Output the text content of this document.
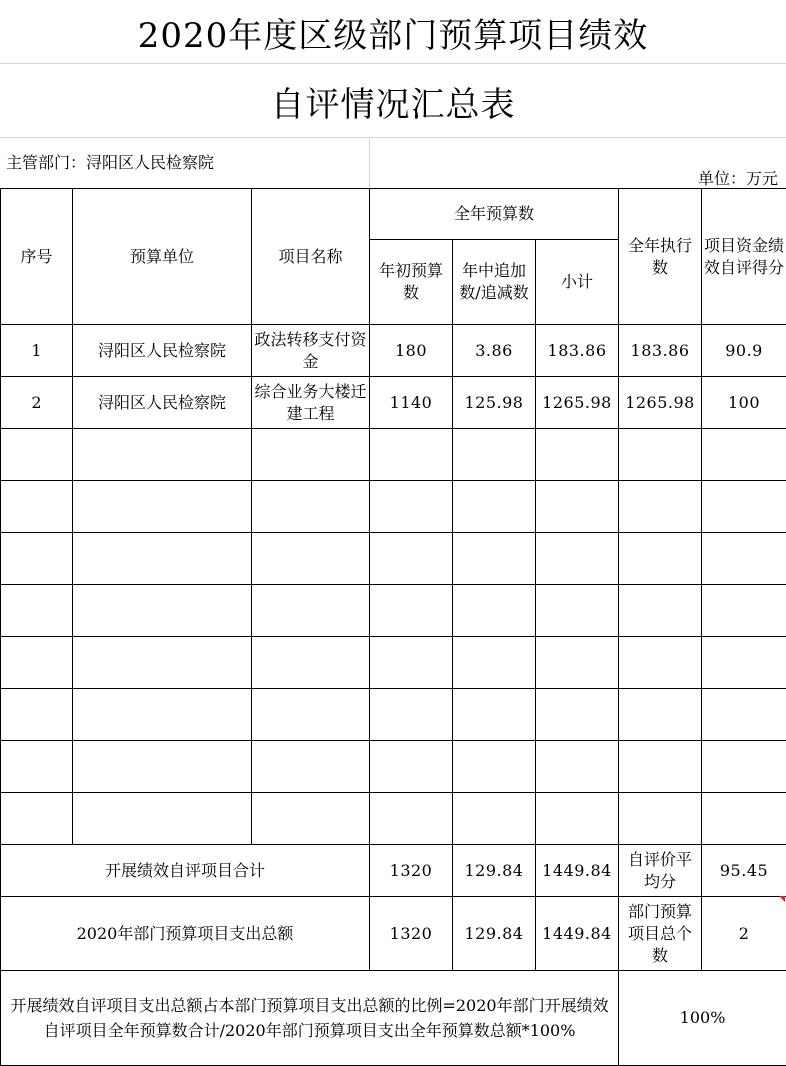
2020年度区级部门预算项目绩效
自评情况汇总表
主管部门：浔阳区人民检察院
单位：万元
序号	预算单位	项目名称	全年预算数			全年执行数	项目资金绩效自评得分
			年初预算数	年中追加数/追减数	小计		
1	浔阳区人民检察院	政法转移支付资金	180	3.86	183.86	183.86	90.9
2	浔阳区人民检察院	综合业务大楼迁建工程	1140	125.98	1265.98	1265.98	100

开展绩效自评项目合计			1320	129.84	1449.84	自评价平均分	95.45
2020年部门预算项目支出总额			1320	129.84	1449.84	部门预算项目总个数	2
开展绩效自评项目支出总额占本部门预算项目支出总额的比例=2020年部门开展绩效自评项目全年预算数合计/2020年部门预算项目支出全年预算数总额*100%						100%	
